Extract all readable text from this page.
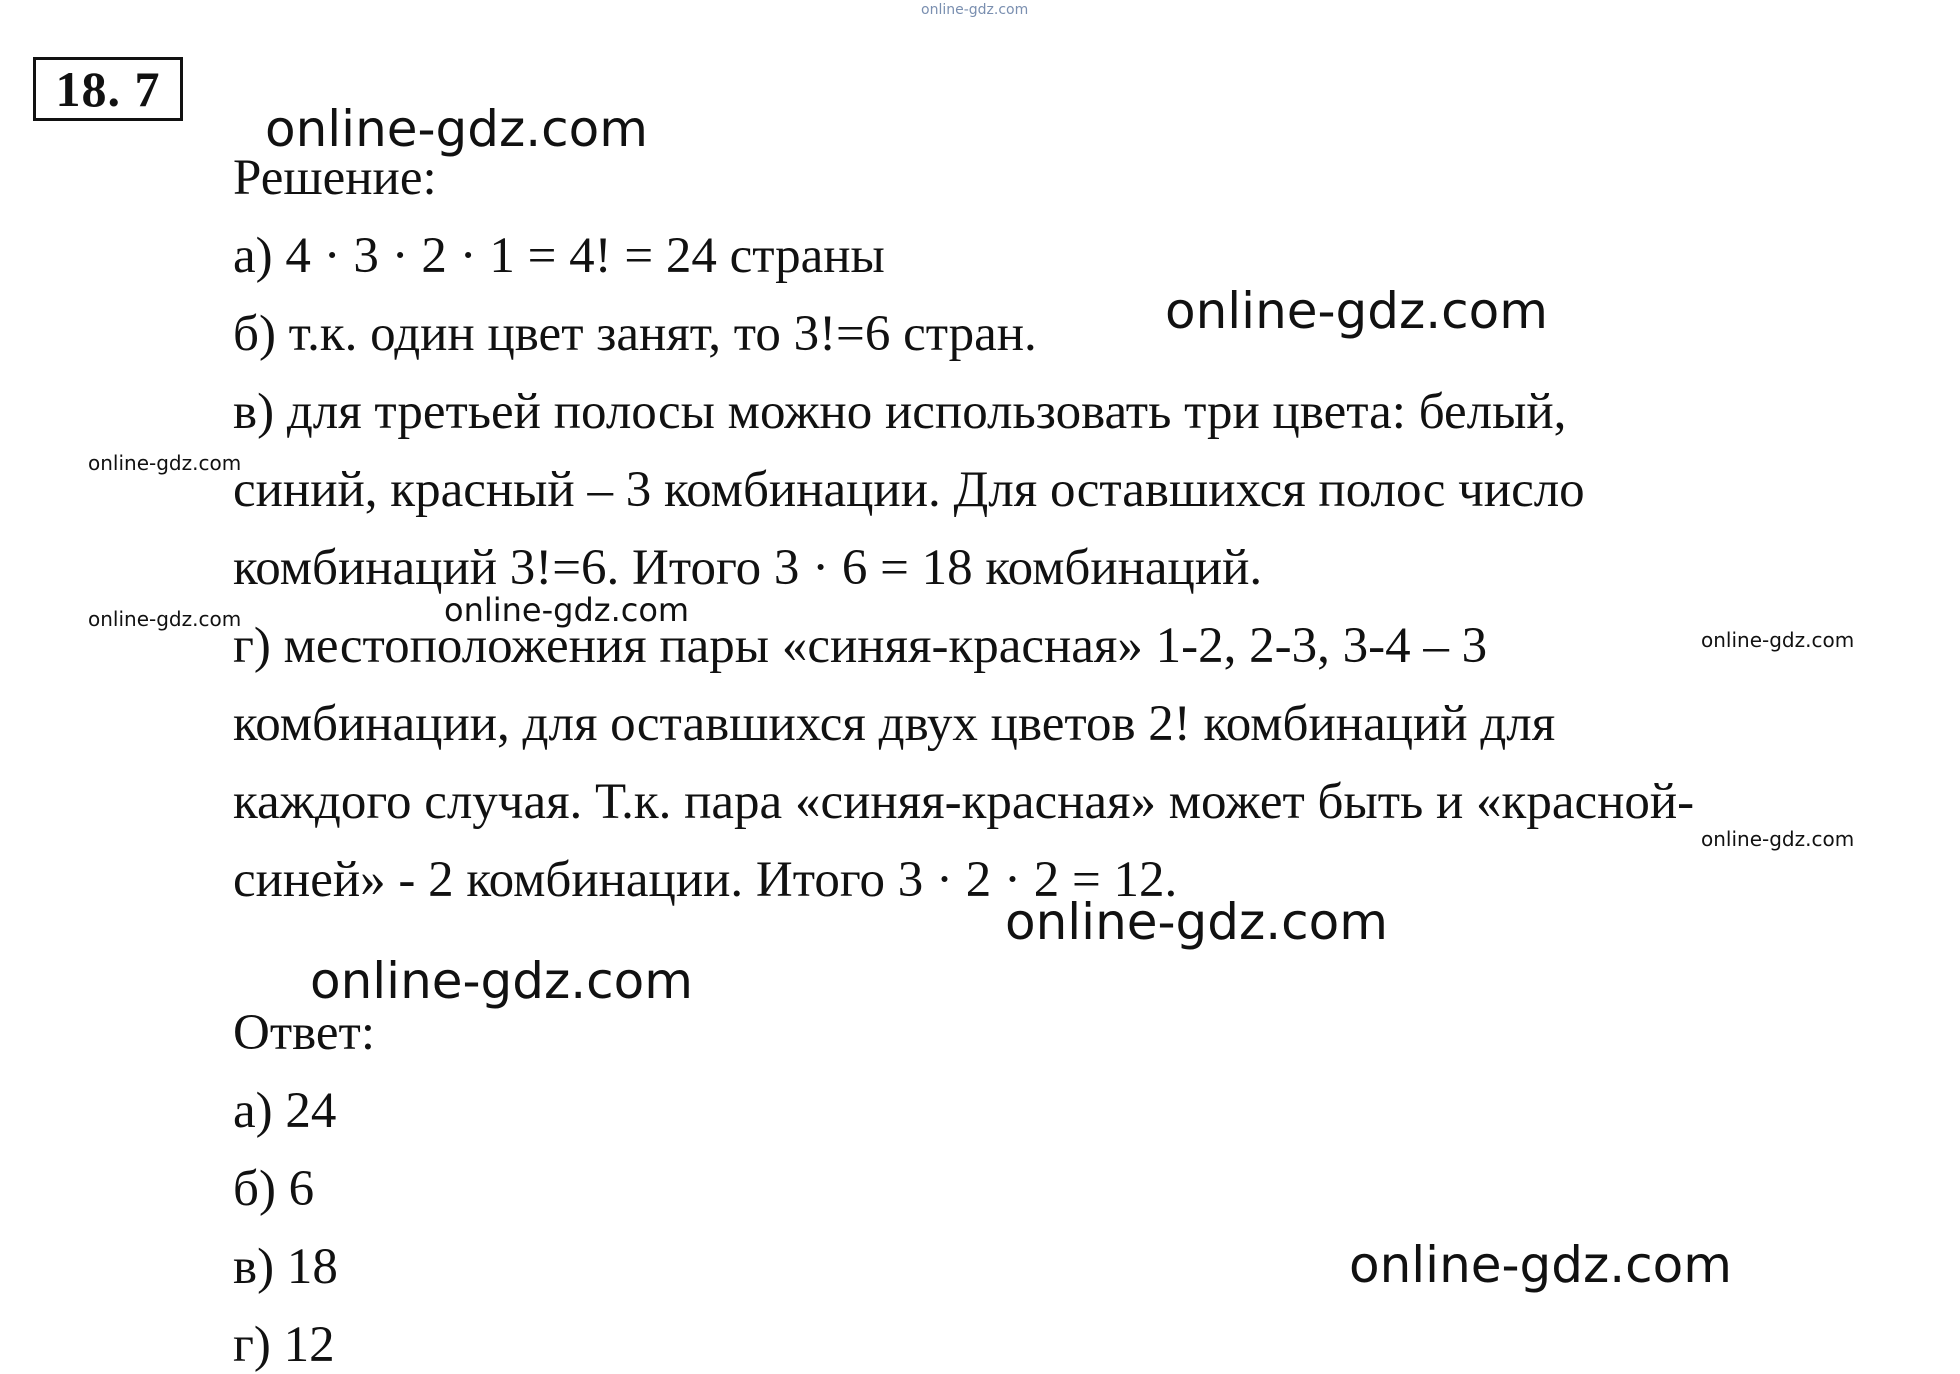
online-gdz.com
18. 7
Решение:
а) 4 · 3 · 2 · 1 = 4! = 24 страны
б) т.к. один цвет занят, то 3!=6 стран.
в) для третьей полосы можно использовать три цвета: белый,
синий, красный – 3 комбинации. Для оставшихся полос число
комбинаций 3!=6. Итого 3 · 6 = 18 комбинаций.
г) местоположения пары «синяя-красная» 1-2, 2-3, 3-4 – 3
комбинации, для оставшихся двух цветов 2! комбинаций для
каждого случая. Т.к. пара «синяя-красная» может быть и «красной-
синей» - 2 комбинации. Итого 3 · 2 · 2 = 12.
Ответ:
а) 24
б) 6
в) 18
г) 12
online-gdz.com
online-gdz.com
online-gdz.com
online-gdz.com	online-gdz.com
online-gdz.com
online-gdz.com
online-gdz.com
online-gdz.com
online-gdz.com
